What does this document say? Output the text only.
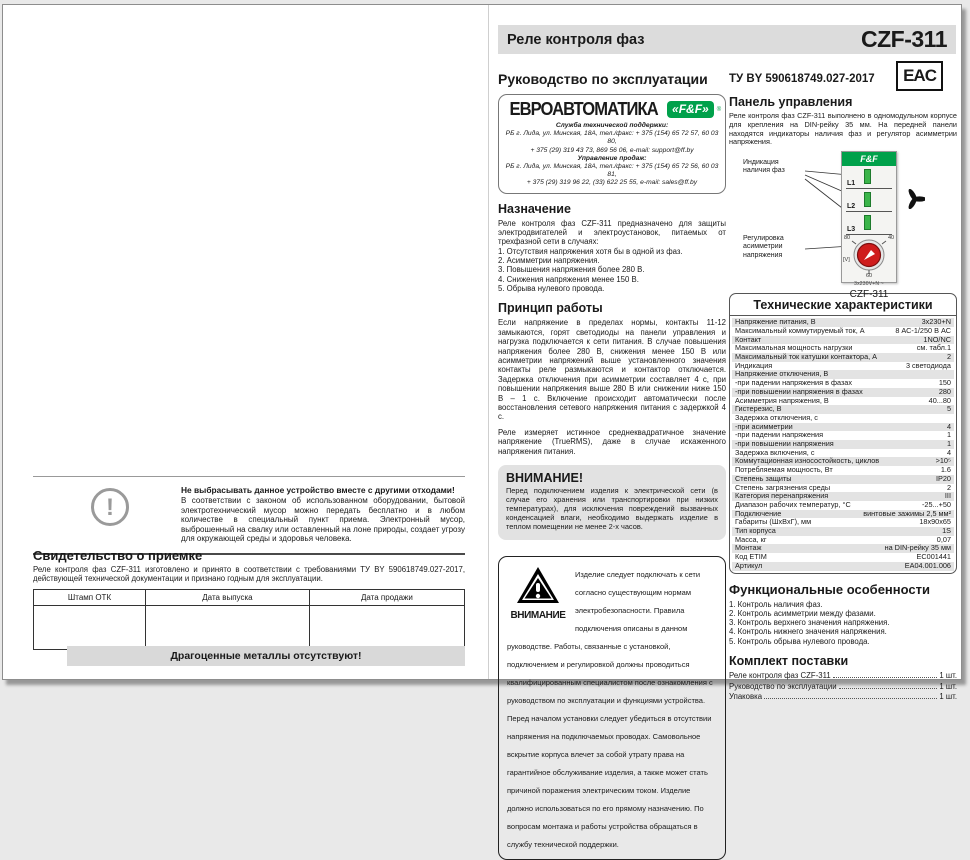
!
Не выбрасывать данное устройство вместе с другими отходами!
В соответствии с законом об использованном оборудовании, бытовой электротехнический мусор можно передать бесплатно и в любом количестве в специальный пункт приема. Электронный мусор, выброшенный на свалку или оставленный на лоне природы, создает угрозу для окружающей среды и здоровья человека.
Свидетельство о приемке
Реле контроля фаз CZF-311 изготовлено и принято в соответствии с требованиями ТУ BY 590618749.027-2017, действующей технической документации и признано годным для эксплуатации.
Штамп ОТК	Дата выпуска	Дата продажи

Драгоценные металлы отсутствуют!
Реле контроля фаз	CZF-311
Руководство по эксплуатации
ЕВРОАВТОМАТИКА	«F&F»	®
Служба технической поддержки:
РБ г. Лида, ул. Минская, 18А, тел./факс: + 375 (154) 65 72 57, 60 03 80,
+ 375 (29) 319 43 73, 869 56 06, e-mail: support@ff.by
Управление продаж:
РБ г. Лида, ул. Минская, 18А, тел./факс: + 375 (154) 65 72 56, 60 03 81,
+ 375 (29) 319 96 22, (33) 622 25 55, e-mail: sales@ff.by
Назначение
Реле контроля фаз CZF-311 предназначено для защиты электродвигателей и электроустановок, питаемых от трехфазной сети в случаях:
1. Отсутствия напряжения хотя бы в одной из фаз.
2. Асимметрии напряжения.
3. Повышения напряжения более 280 В.
4. Снижения напряжения менее 150 В.
5. Обрыва нулевого провода.
Принцип работы
Если напряжение в пределах нормы, контакты 11-12 замыкаются, горят светодиоды на панели управления и нагрузка подключается к сети питания. В случае повышения напряжения более 280 В, снижения менее 150 В или асимметрии напряжений выше установленного значения контакты реле размыкаются и контактор отключается. Задержка отключения при асимметрии составляет 4 с, при повышении напряжения выше 280 В или снижении ниже 150 В – 1 с. Включение происходит автоматически после восстановления сетевого напряжения питания с задержкой 4 с.
Реле измеряет истинное среднеквадратичное значение напряжение (TrueRMS), даже в случае искаженного напряжения питания.
ВНИМАНИЕ!
Перед подключением изделия к электрической сети (в случае его хранения или транспортировки при низких температурах), для исключения повреждений вызванных конденсацией влаги, необходимо выдержать изделие в теплом помещении не менее 2-х часов.
ВНИМАНИЕ
Изделие следует подключать к сети согласно существующим нормам электробезопасности. Правила подключения описаны в данном руководстве. Работы, связанные с установкой, подключением и регулировкой должны проводиться квалифицированным специалистом после ознакомления с руководством по эксплуатации и функциями устройства. Перед началом установки следует убедиться в отсутствии напряжения на подключаемых проводах. Самовольное вскрытие корпуса влечет за собой утрату права на гарантийное обслуживание изделия, а также может стать причиной поражения электрическим током. Изделие должно использоваться по его прямому назначению. По вопросам монтажа и работы устройства обращаться в службу технической поддержки.
ТУ BY 590618749.027-2017	EAC
Панель управления
Реле контроля фаз CZF-311 выполнено в одномодульном корпусе для крепления на DIN-рейку 35 мм. На передней панели находятся индикаторы наличия фаз и регулятор асимметрии напряжения.
Индикация наличия фаз
Регулировка асимметрии напряжения
F&F
L1
L2
L3
80	40
60
[V]
3x230V+N ~
CZF-311
Технические характеристики
Напряжение питания, В	3x230+N
Максимальный коммутируемый ток, А	8 АС-1/250 В АС
Контакт	1NO/NC
Максимальная мощность нагрузки	см. табл.1
Максимальный ток катушки контактора, А	2
Индикация	3 светодиода
Напряжение отключения, В
-при падении напряжения в фазах	150
-при повышении напряжения в фазах	280
Асимметрия напряжения, В	40...80
Гистерезис, В	5
Задержка отключения, с
-при асимметрии	4
-при падении напряжения	1
-при повышении напряжения	1
Задержка включения, с	4
Коммутационная износостойкость, циклов	>10⁵
Потребляемая мощность, Вт	1.6
Степень защиты	IP20
Степень загрязнения среды	2
Категория перенапряжения	III
Диапазон рабочих температур, °С	-25...+50
Подключение	винтовые зажимы 2,5 мм²
Габариты (ШхВхГ), мм	18х90х65
Тип корпуса	1S
Масса, кг	0,07
Монтаж	на DIN-рейку 35 мм
Код ETIM	EC001441
Артикул	EA04.001.006
Функциональные особенности
1. Контроль наличия фаз.
2. Контроль асимметрии между фазами.
3. Контроль верхнего значения напряжения.
4. Контроль нижнего значения напряжения.
5. Контроль обрыва нулевого провода.
Комплект поставки
Реле контроля фаз CZF-311	1 шт.
Руководство по эксплуатации	1 шт.
Упаковка	1 шт.
